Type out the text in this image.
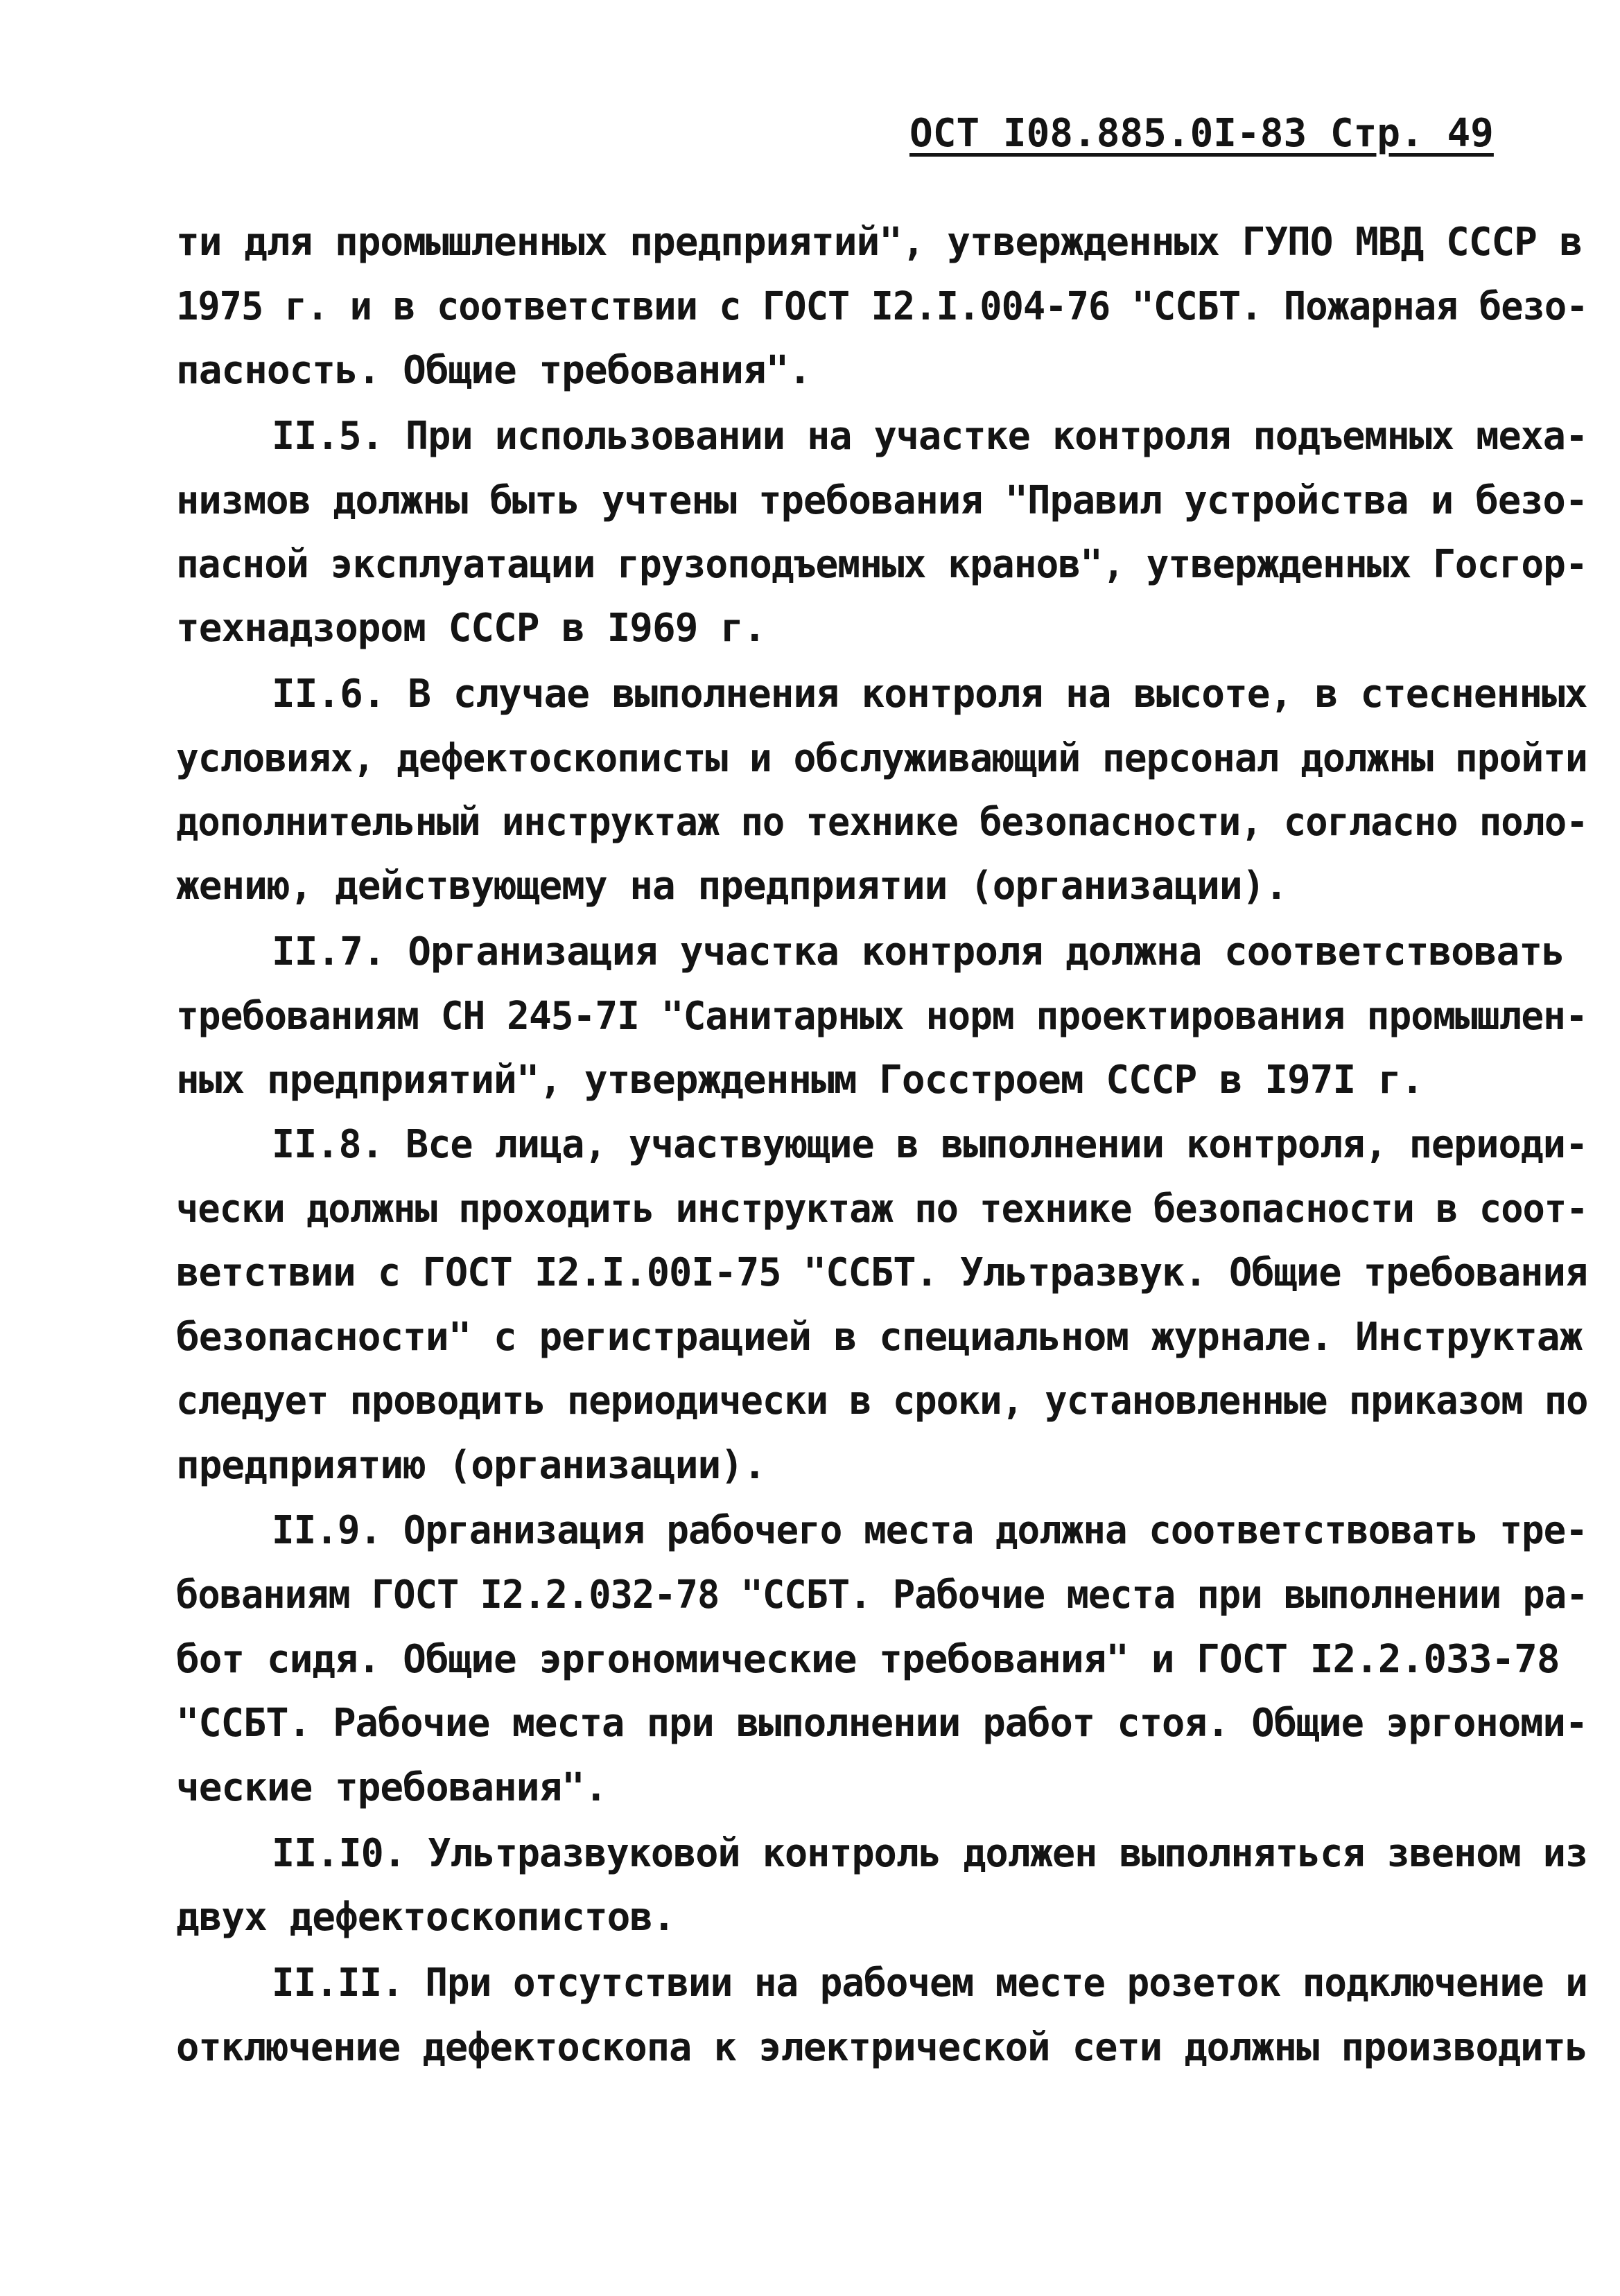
ОСТ I08.885.0I-83 Стр. 49
ти для промышленных предприятий", утвержденных ГУПО МВД СССР в
1975 г. и в соответствии с ГОСТ I2.I.004-76 "ССБТ. Пожарная безо-
пасность. Общие требования".
II.5. При использовании на участке контроля подъемных меха-
низмов должны быть учтены требования "Правил устройства и безо-
пасной эксплуатации грузоподъемных кранов", утвержденных Госгор-
технадзором СССР в I969 г.
II.6. В случае выполнения контроля на высоте, в стесненных
условиях, дефектоскописты и обслуживающий персонал должны пройти
дополнительный инструктаж по технике безопасности, согласно поло-
жению, действующему на предприятии (организации).
II.7. Организация участка контроля должна соответствовать
требованиям СН 245-7I "Санитарных норм проектирования промышлен-
ных предприятий", утвержденным Госстроем СССР в I97I г.
II.8. Все лица, участвующие в выполнении контроля, периоди-
чески должны проходить инструктаж по технике безопасности в соот-
ветствии с ГОСТ I2.I.00I-75 "ССБТ. Ультразвук. Общие требования
безопасности" с регистрацией в специальном журнале. Инструктаж
следует проводить периодически в сроки, установленные приказом по
предприятию (организации).
II.9. Организация рабочего места должна соответствовать тре-
бованиям ГОСТ I2.2.032-78 "ССБТ. Рабочие места при выполнении ра-
бот сидя. Общие эргономические требования" и ГОСТ I2.2.033-78
"ССБТ. Рабочие места при выполнении работ стоя. Общие эргономи-
ческие требования".
II.I0. Ультразвуковой контроль должен выполняться звеном из
двух дефектоскопистов.
II.II. При отсутствии на рабочем месте розеток подключение и
отключение дефектоскопа к электрической сети должны производить
